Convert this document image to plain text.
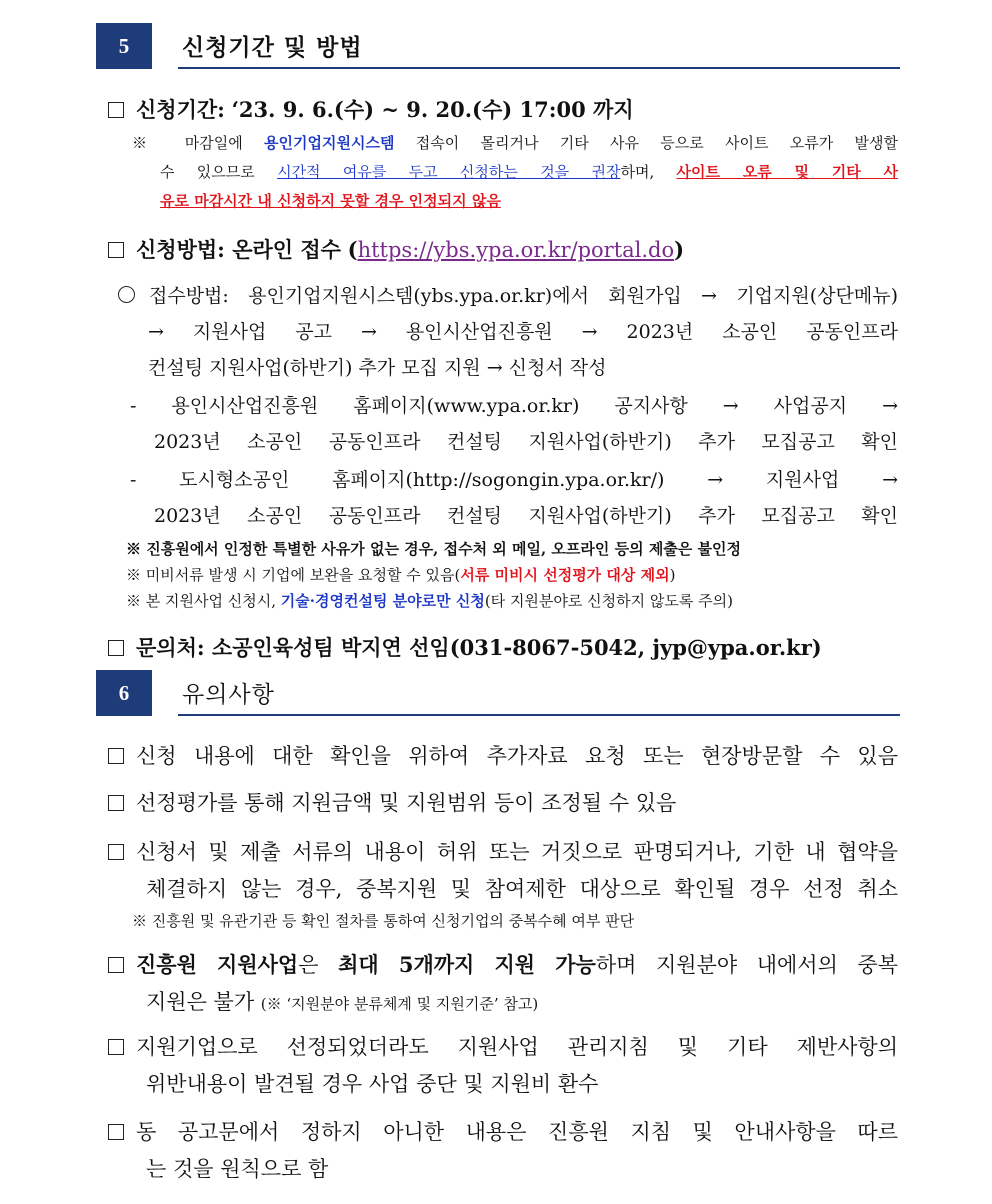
5	신청기간 및 방법
신청기간: ‘23. 9. 6.(수) ~ 9. 20.(수) 17:00 까지
※ 마감일에 용인기업지원시스템 접속이 몰리거나 기타 사유 등으로 사이트 오류가 발생할
수 있으므로 시간적 여유를 두고 신청하는 것을 권장하며, 사이트 오류 및 기타 사
유로 마감시간 내 신청하지 못할 경우 인정되지 않음
신청방법: 온라인 접수 (https://ybs.ypa.or.kr/portal.do)
접수방법: 용인기업지원시스템(ybs.ypa.or.kr)에서 회원가입 → 기업지원(상단메뉴)
→ 지원사업 공고 → 용인시산업진흥원 → 2023년 소공인 공동인프라
컨설팅 지원사업(하반기) 추가 모집 지원 → 신청서 작성
- 용인시산업진흥원 홈페이지(www.ypa.or.kr) 공지사항 → 사업공지 →
2023년 소공인 공동인프라 컨설팅 지원사업(하반기) 추가 모집공고 확인
- 도시형소공인 홈페이지(http://sogongin.ypa.or.kr/) → 지원사업 →
2023년 소공인 공동인프라 컨설팅 지원사업(하반기) 추가 모집공고 확인
※ 진흥원에서 인정한 특별한 사유가 없는 경우, 접수처 외 메일, 오프라인 등의 제출은 불인정
※ 미비서류 발생 시 기업에 보완을 요청할 수 있음(서류 미비시 선정평가 대상 제외)
※ 본 지원사업 신청시, 기술·경영컨설팅 분야로만 신청(타 지원분야로 신청하지 않도록 주의)
문의처: 소공인육성팀 박지연 선임(031-8067-5042, jyp@ypa.or.kr)
6	유의사항
신청 내용에 대한 확인을 위하여 추가자료 요청 또는 현장방문할 수 있음
선정평가를 통해 지원금액 및 지원범위 등이 조정될 수 있음
신청서 및 제출 서류의 내용이 허위 또는 거짓으로 판명되거나, 기한 내 협약을
체결하지 않는 경우, 중복지원 및 참여제한 대상으로 확인될 경우 선정 취소
※ 진흥원 및 유관기관 등 확인 절차를 통하여 신청기업의 중복수혜 여부 판단
진흥원 지원사업은 최대 5개까지 지원 가능하며 지원분야 내에서의 중복
지원은 불가 (※ ‘지원분야 분류체계 및 지원기준’ 참고)
지원기업으로 선정되었더라도 지원사업 관리지침 및 기타 제반사항의
위반내용이 발견될 경우 사업 중단 및 지원비 환수
동 공고문에서 정하지 아니한 내용은 진흥원 지침 및 안내사항을 따르
는 것을 원칙으로 함
